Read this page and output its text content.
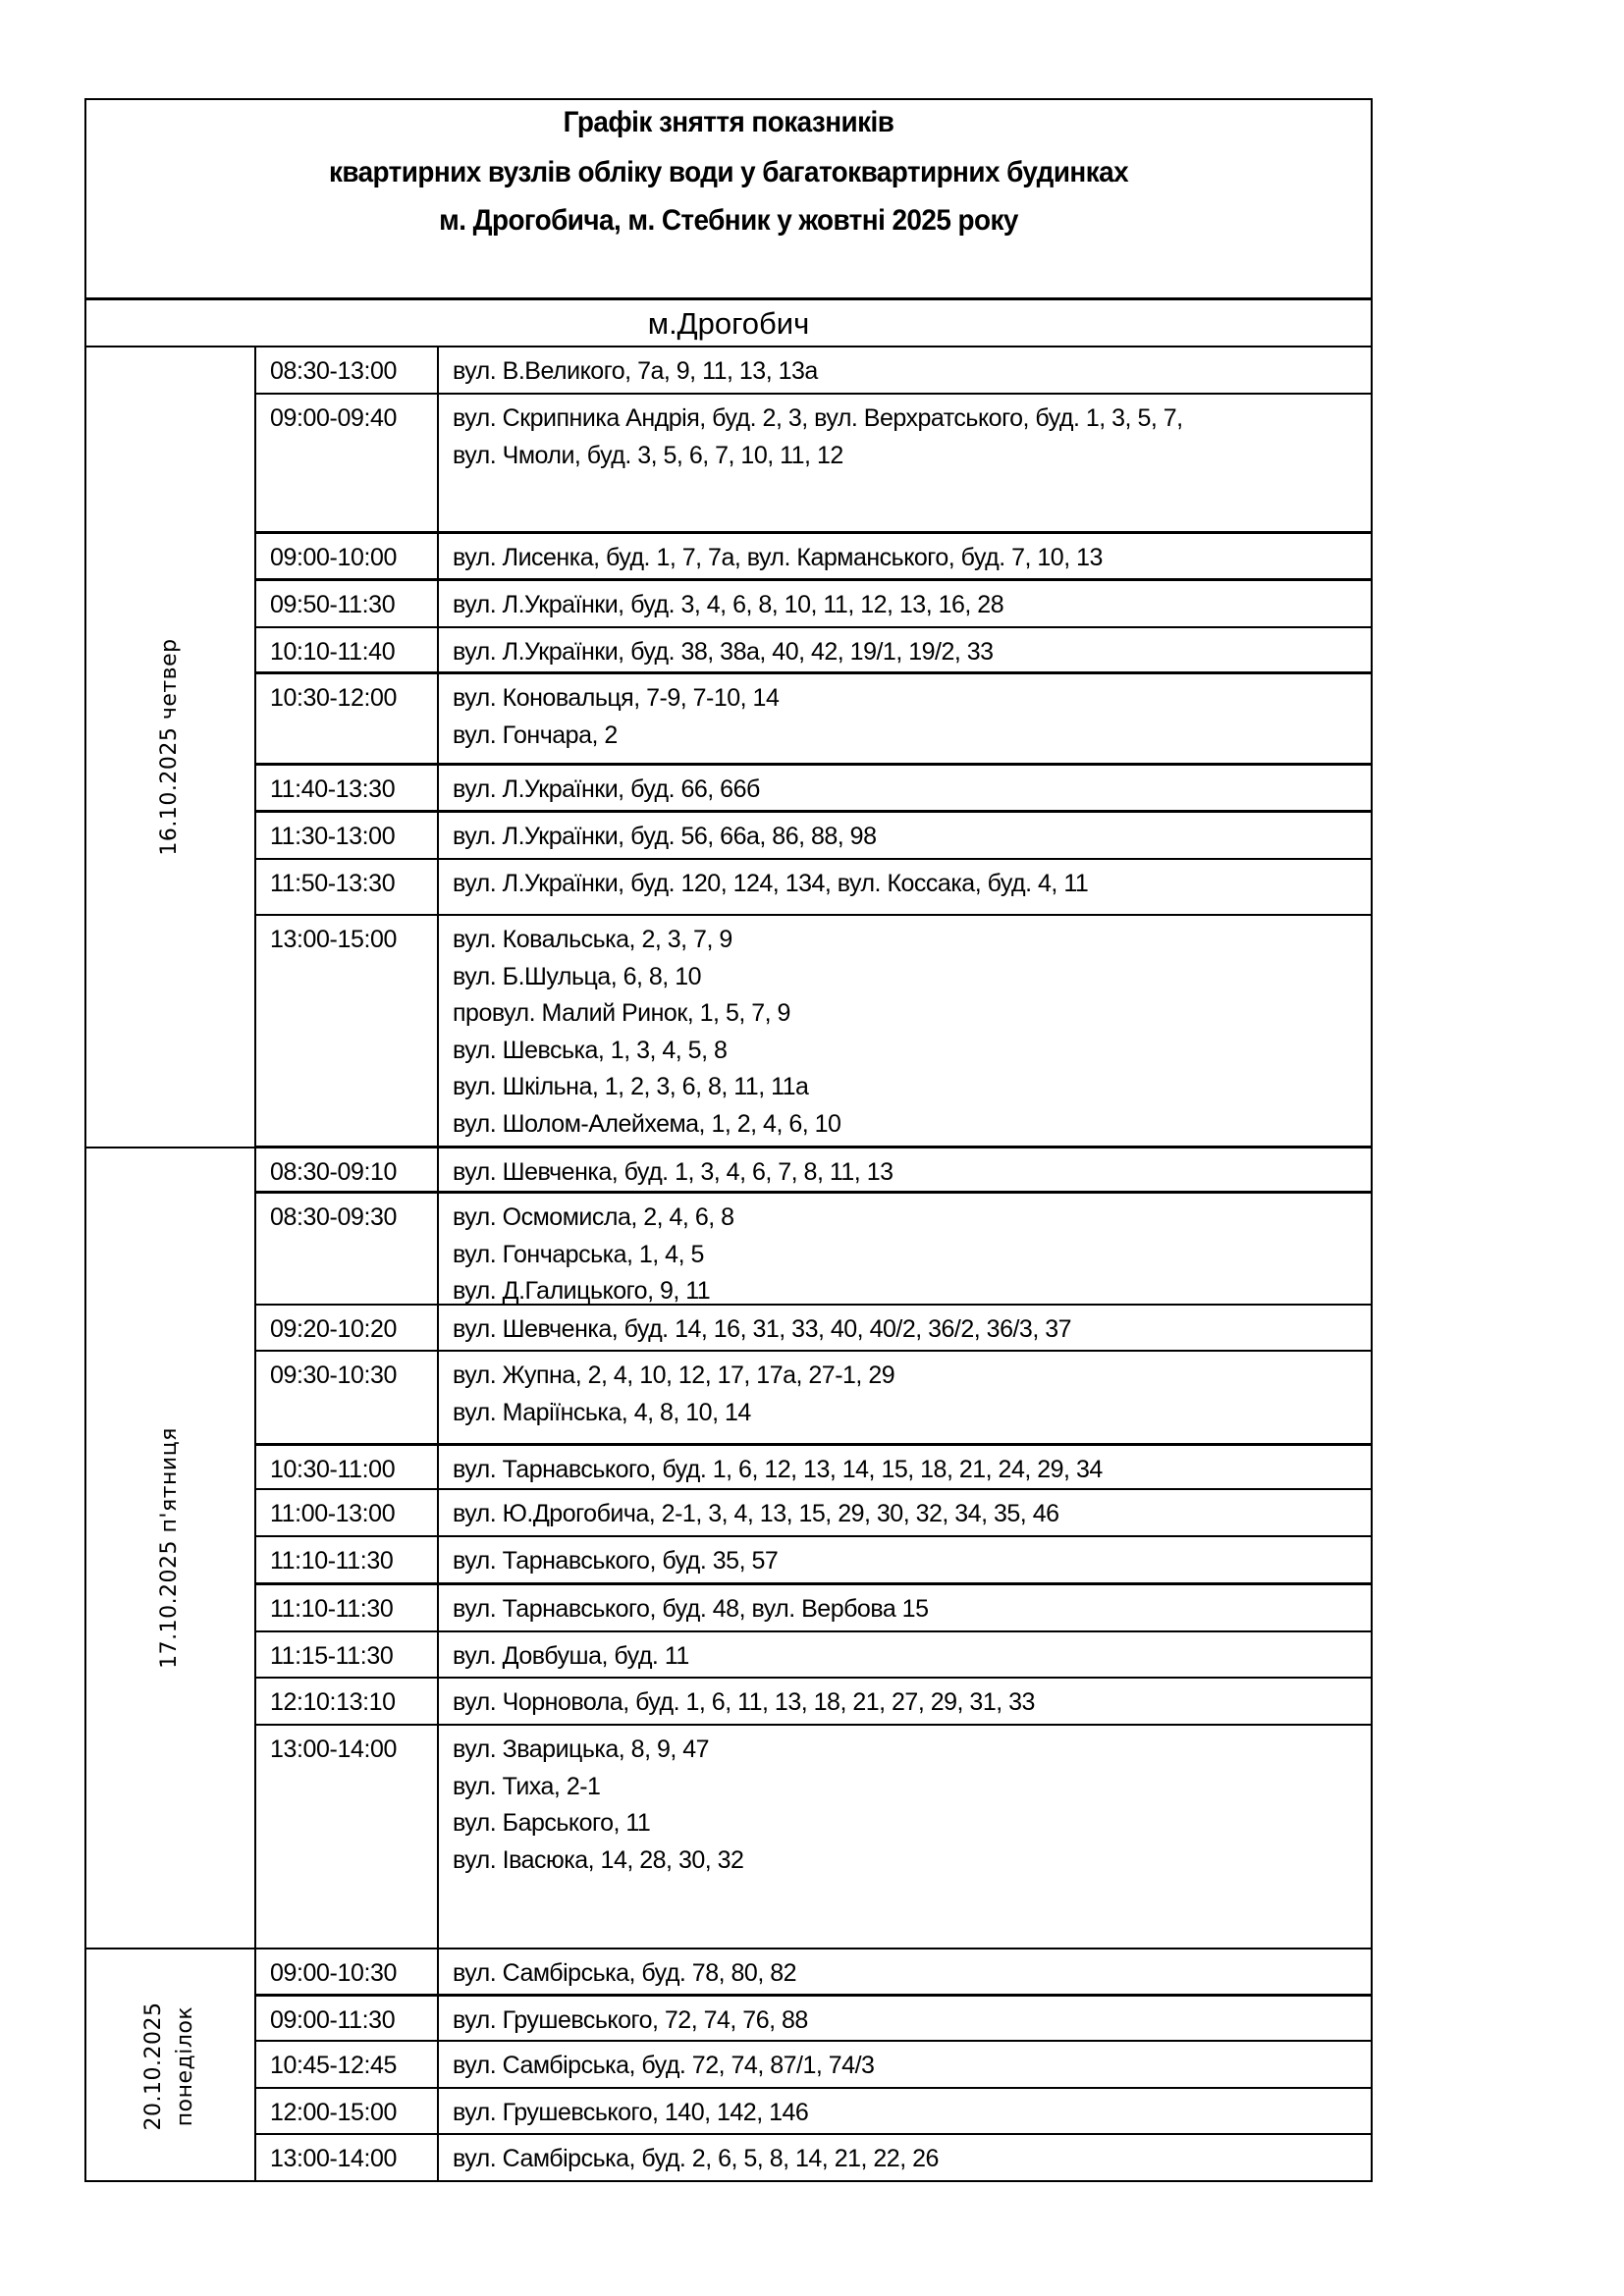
Графік зняття показників
квартирних вузлів обліку води у багатоквартирних будинках
м. Дрогобича, м. Стебник у жовтні 2025 року
м.Дрогобич
16.10.2025 четвер
08:30-13:00	вул. В.Великого, 7а, 9, 11, 13, 13а
09:00-09:40	вул. Скрипника Андрія, буд. 2, 3, вул. Верхратського, буд. 1, 3, 5, 7,
вул. Чмоли, буд. 3, 5, 6, 7, 10, 11, 12
09:00-10:00	вул. Лисенка, буд. 1, 7, 7а, вул. Карманського, буд. 7, 10, 13
09:50-11:30	вул. Л.Українки, буд. 3, 4, 6, 8, 10, 11, 12, 13, 16, 28
10:10-11:40	вул. Л.Українки, буд. 38, 38а, 40, 42, 19/1, 19/2, 33
10:30-12:00	вул. Коновальця, 7-9, 7-10, 14
вул. Гончара, 2
11:40-13:30	вул. Л.Українки, буд. 66, 66б
11:30-13:00	вул. Л.Українки, буд. 56, 66а, 86, 88, 98
11:50-13:30	вул. Л.Українки, буд. 120, 124, 134, вул. Коссака, буд. 4, 11
13:00-15:00	вул. Ковальська, 2, 3, 7, 9
вул. Б.Шульца, 6, 8, 10
провул. Малий Ринок, 1, 5, 7, 9
вул. Шевська, 1, 3, 4, 5, 8
вул. Шкільна, 1, 2, 3, 6, 8, 11, 11а
вул. Шолом-Алейхема, 1, 2, 4, 6, 10
17.10.2025 п'ятниця
08:30-09:10	вул. Шевченка, буд. 1, 3, 4, 6, 7, 8, 11, 13
08:30-09:30	вул. Осмомисла, 2, 4, 6, 8
вул. Гончарська, 1, 4, 5
вул. Д.Галицького, 9, 11
09:20-10:20	вул. Шевченка, буд. 14, 16, 31, 33, 40, 40/2, 36/2, 36/3, 37
09:30-10:30	вул. Жупна, 2, 4, 10, 12, 17, 17а, 27-1, 29
вул. Маріїнська, 4, 8, 10, 14
10:30-11:00	вул. Тарнавського, буд. 1, 6, 12, 13, 14, 15, 18, 21, 24, 29, 34
11:00-13:00	вул. Ю.Дрогобича, 2-1, 3, 4, 13, 15, 29, 30, 32, 34, 35, 46
11:10-11:30	вул. Тарнавського, буд. 35, 57
11:10-11:30	вул. Тарнавського, буд. 48, вул. Вербова 15
11:15-11:30	вул. Довбуша, буд. 11
12:10:13:10	вул. Чорновола, буд. 1, 6, 11, 13, 18, 21, 27, 29, 31, 33
13:00-14:00	вул. Зварицька, 8, 9, 47
вул. Тиха, 2-1
вул. Барського, 11
вул. Івасюка, 14, 28, 30, 32
20.10.2025 понеділок
09:00-10:30	вул. Самбірська, буд. 78, 80, 82
09:00-11:30	вул. Грушевського, 72, 74, 76, 88
10:45-12:45	вул. Самбірська, буд. 72, 74, 87/1, 74/3
12:00-15:00	вул. Грушевського, 140, 142, 146
13:00-14:00	вул. Самбірська, буд. 2, 6, 5, 8, 14, 21, 22, 26
